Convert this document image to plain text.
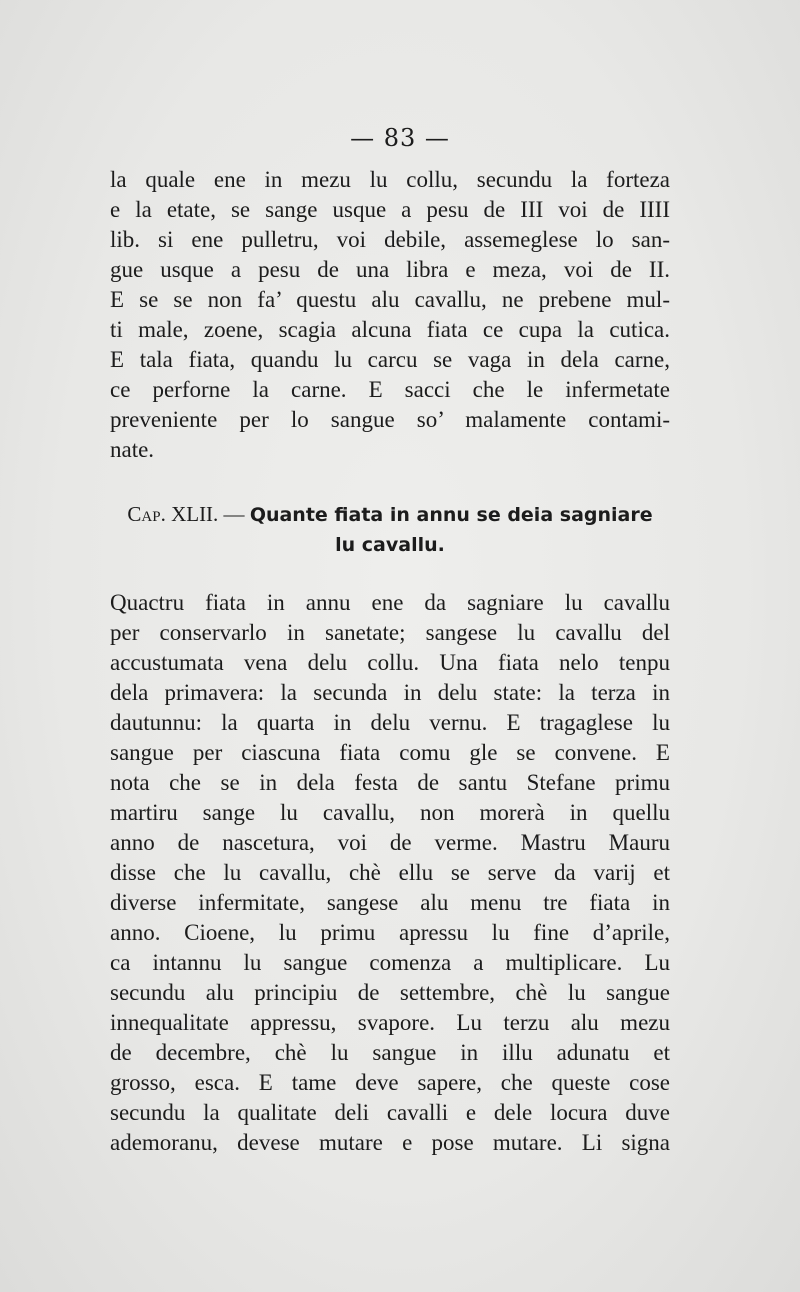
— 83 —
la quale ene in mezu lu collu, secundu la forteza
e la etate, se sange usque a pesu de III voi de IIII
lib. si ene pulletru, voi debile, assemeglese lo san-
gue usque a pesu de una libra e meza, voi de II.
E se se non fa’ questu alu cavallu, ne prebene mul-
ti male, zoene, scagia alcuna fiata ce cupa la cutica.
E tala fiata, quandu lu carcu se vaga in dela carne,
ce perforne la carne. E sacci che le infermetate
preveniente per lo sangue so’ malamente contami-
nate.
Cap. XLII. — Quante fiata in annu se deia sagniare
lu cavallu.
Quactru fiata in annu ene da sagniare lu cavallu
per conservarlo in sanetate; sangese lu cavallu del
accustumata vena delu collu. Una fiata nelo tenpu
dela primavera: la secunda in delu state: la terza in
dautunnu: la quarta in delu vernu. E tragaglese lu
sangue per ciascuna fiata comu gle se convene. E
nota che se in dela festa de santu Stefane primu
martiru sange lu cavallu, non morerà in quellu
anno de nascetura, voi de verme. Mastru Mauru
disse che lu cavallu, chè ellu se serve da varij et
diverse infermitate, sangese alu menu tre fiata in
anno. Cioene, lu primu apressu lu fine d’aprile,
ca intannu lu sangue comenza a multiplicare. Lu
secundu alu principiu de settembre, chè lu sangue
innequalitate appressu, svapore. Lu terzu alu mezu
de decembre, chè lu sangue in illu adunatu et
grosso, esca. E tame deve sapere, che queste cose
secundu la qualitate deli cavalli e dele locura duve
ademoranu, devese mutare e pose mutare. Li signa
